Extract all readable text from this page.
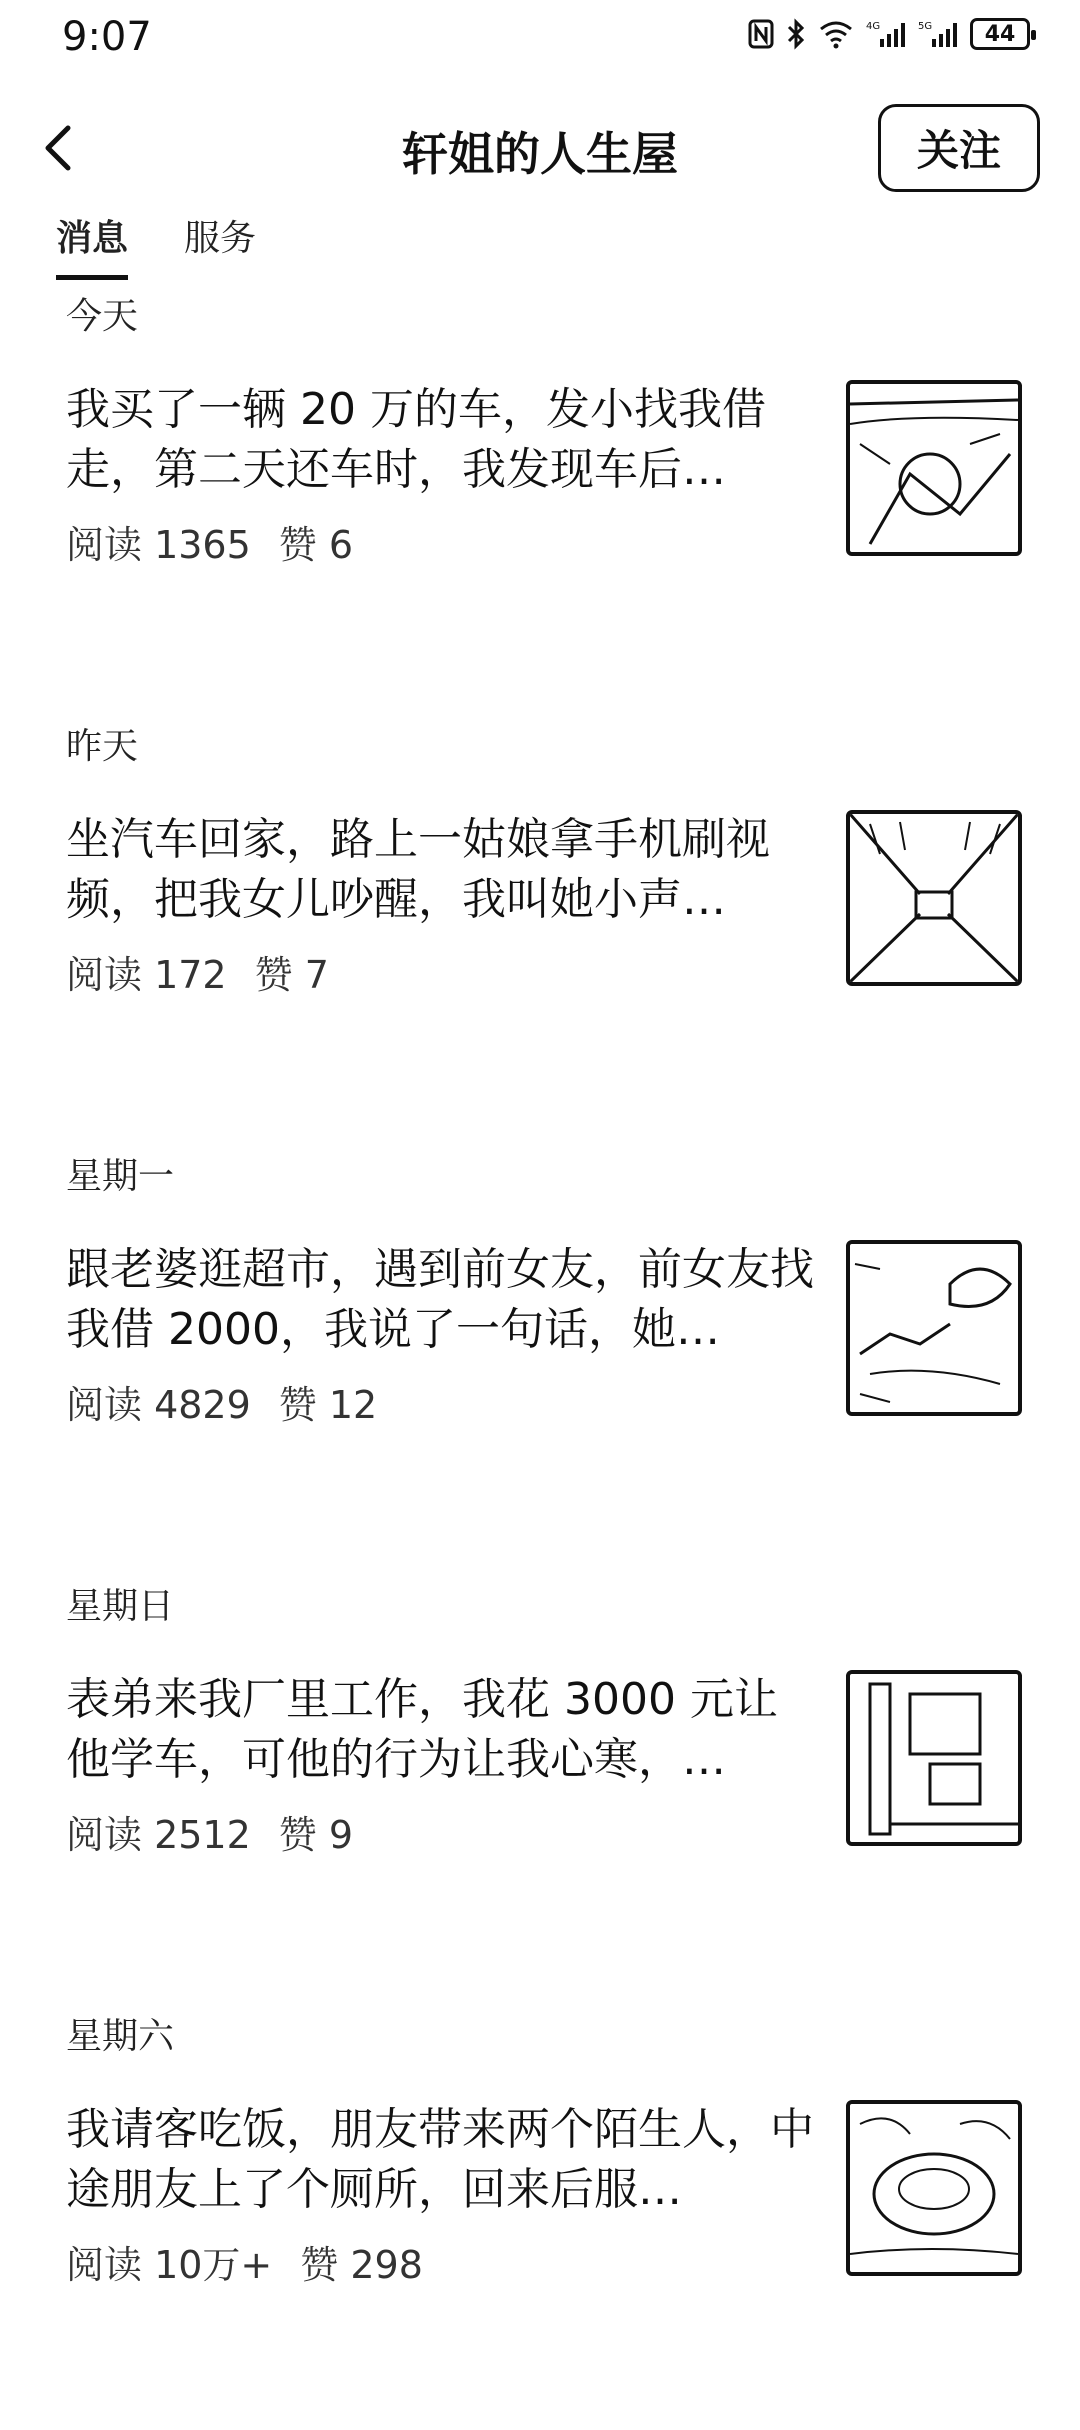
9:07	4G	5G	44
轩姐的人生屋	关注
消息 服务
今天
我买了一辆 20 万的车，发小找我借走，第二天还车时，我发现车后…
阅读 1365 赞 6
昨天
坐汽车回家，路上一姑娘拿手机刷视频，把我女儿吵醒，我叫她小声…
阅读 172 赞 7
星期一
跟老婆逛超市，遇到前女友，前女友找我借 2000，我说了一句话，她…
阅读 4829 赞 12
星期日
表弟来我厂里工作，我花 3000 元让他学车，可他的行为让我心寒，…
阅读 2512 赞 9
星期六
我请客吃饭，朋友带来两个陌生人，中途朋友上了个厕所，回来后服…
阅读 10万+ 赞 298
